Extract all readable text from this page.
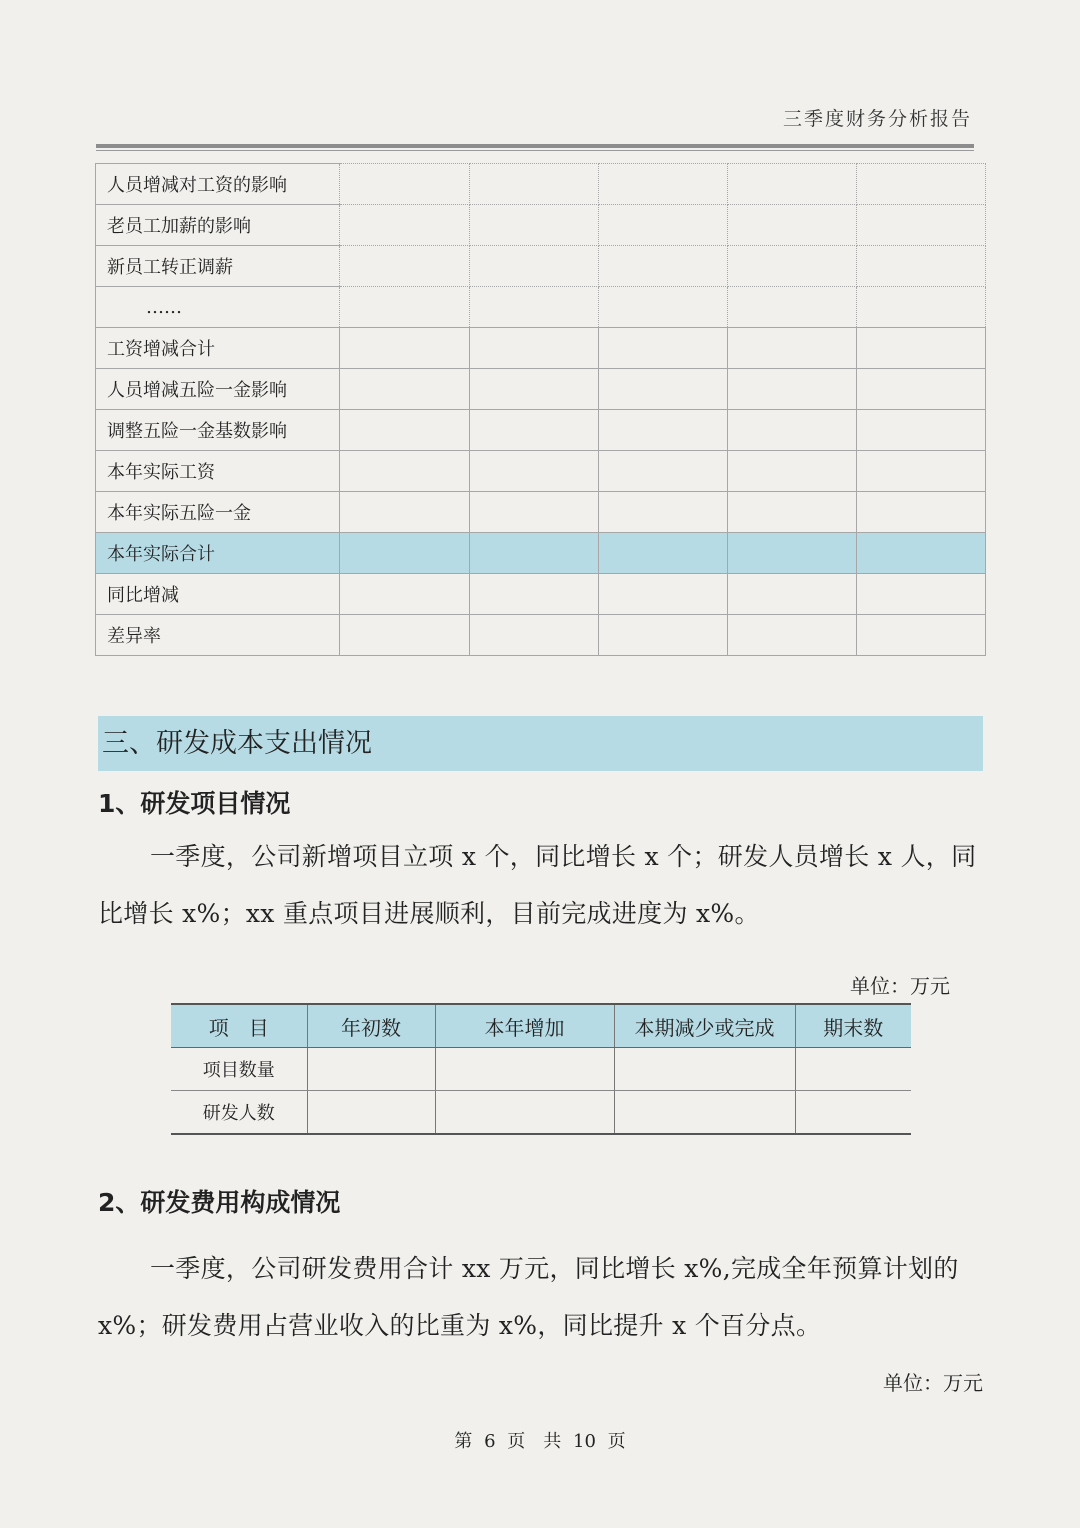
三季度财务分析报告
人员增减对工资的影响					
老员工加薪的影响					
新员工转正调薪					
……					
工资增减合计					
人员增减五险一金影响					
调整五险一金基数影响					
本年实际工资					
本年实际五险一金					
本年实际合计					
同比增减					
差异率					
三、研发成本支出情况
1、研发项目情况

一季度，公司新增项目立项 x 个，同比增长 x 个；研发人员增长 x 人，同比增长 x%；xx 重点项目进展顺利，目前完成进度为 x%。

单位：万元
项　目	年初数	本年增加	本期减少或完成	期末数
项目数量				
研发人数				
2、研发费用构成情况

一季度，公司研发费用合计 xx 万元，同比增长 x%,完成全年预算计划的 x%；研发费用占营业收入的比重为 x%，同比提升 x 个百分点。

单位：万元
第 6 页　共 10 页
